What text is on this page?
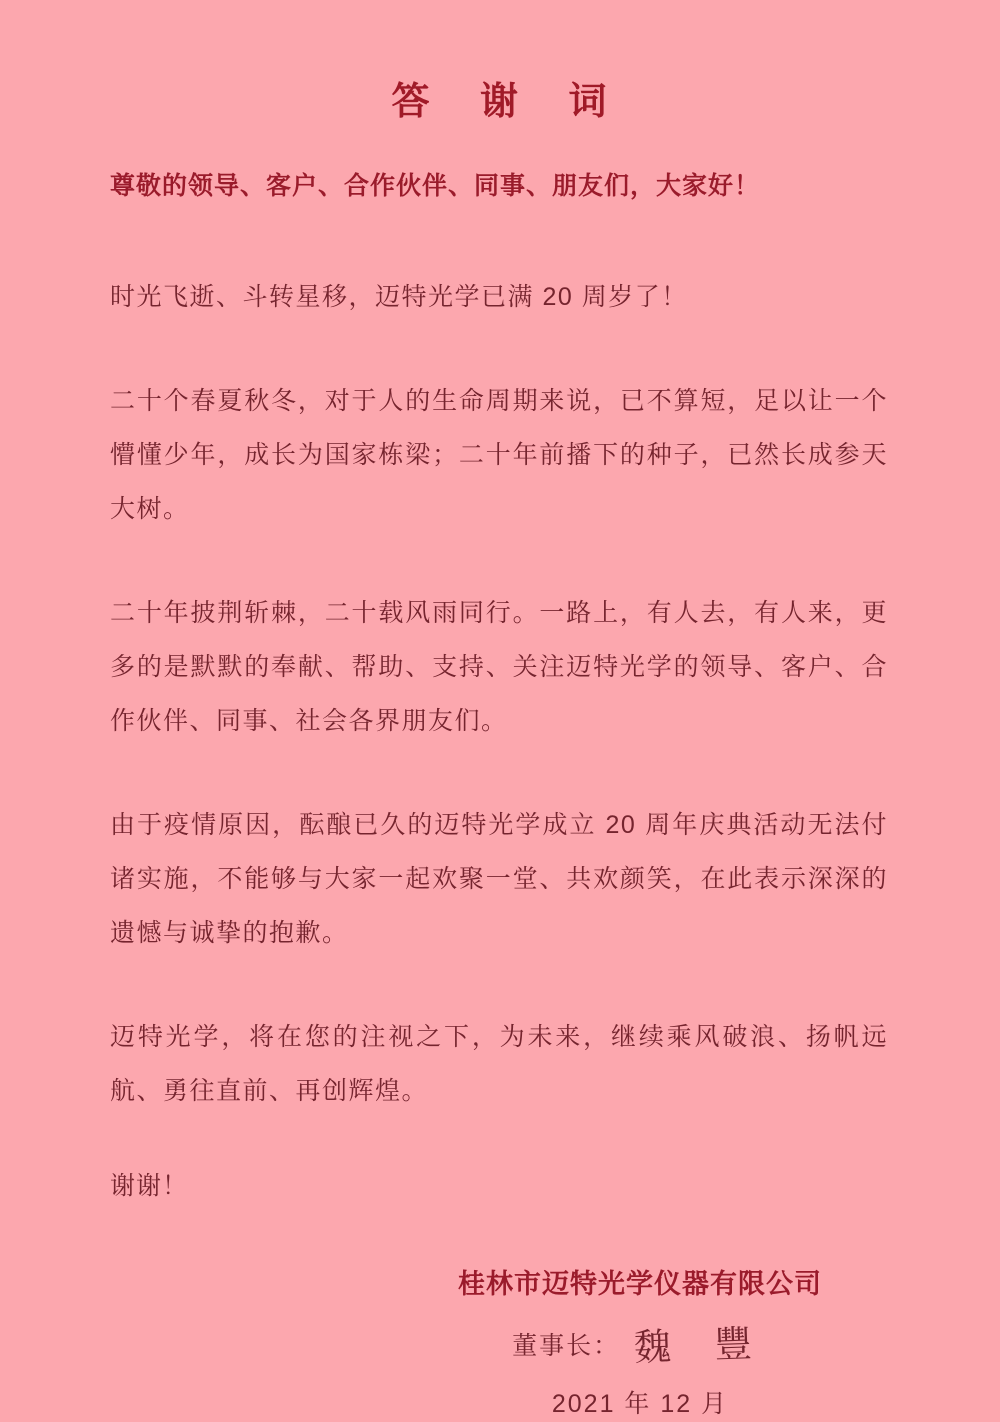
答 谢 词

尊敬的领导、客户、合作伙伴、同事、朋友们，大家好！

时光飞逝、斗转星移，迈特光学已满 20 周岁了！

二十个春夏秋冬，对于人的生命周期来说，已不算短，足以让一个懵懂少年，成长为国家栋梁；二十年前播下的种子，已然长成参天大树。

二十年披荆斩棘，二十载风雨同行。一路上，有人去，有人来，更多的是默默的奉献、帮助、支持、关注迈特光学的领导、客户、合作伙伴、同事、社会各界朋友们。

由于疫情原因，酝酿已久的迈特光学成立 20 周年庆典活动无法付诸实施，不能够与大家一起欢聚一堂、共欢颜笑，在此表示深深的遗憾与诚挚的抱歉。

迈特光学，将在您的注视之下，为未来，继续乘风破浪、扬帆远航、勇往直前、再创辉煌。

谢谢！

桂林市迈特光学仪器有限公司
董事长： 魏 豐
2021 年 12 月
